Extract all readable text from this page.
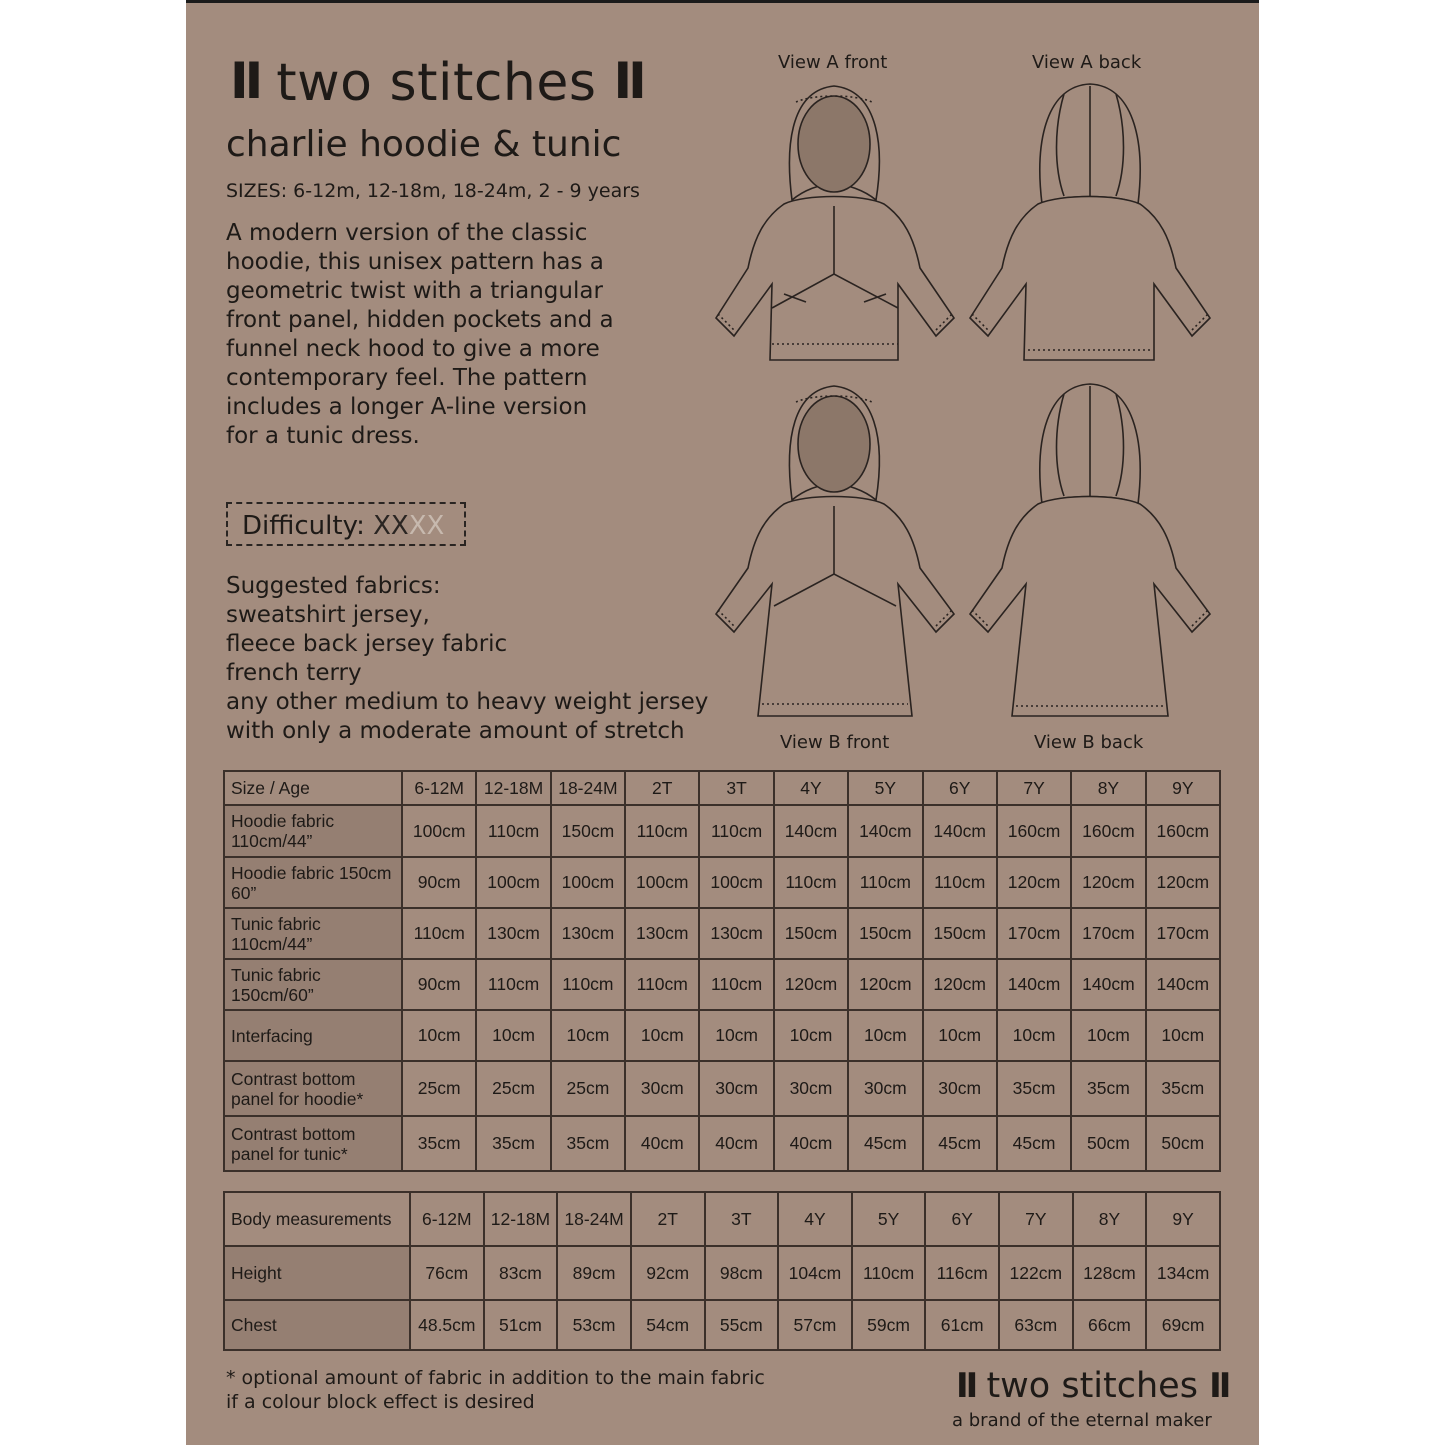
II two stitches II
charlie hoodie & tunic
SIZES: 6-12m, 12-18m, 18-24m, 2 - 9 years
A modern version of the classic hoodie, this unisex pattern has a geometric twist with a triangular front panel, hidden pockets and a funnel neck hood to give a more contemporary feel. The pattern includes a longer A-line version for a tunic dress.
Difficulty: XXXX
Suggested fabrics:
sweatshirt jersey,
fleece back jersey fabric
french terry
any other medium to heavy weight jersey
with only a moderate amount of stretch
View A front	View A back
View B front	View B back
Size / Age	6-12M	12-18M	18-24M	2T	3T	4Y	5Y	6Y	7Y	8Y	9Y
Hoodie fabric 110cm/44”	100cm	110cm	150cm	110cm	110cm	140cm	140cm	140cm	160cm	160cm	160cm
Hoodie fabric 150cm 60”	90cm	100cm	100cm	100cm	100cm	110cm	110cm	110cm	120cm	120cm	120cm
Tunic fabric 110cm/44”	110cm	130cm	130cm	130cm	130cm	150cm	150cm	150cm	170cm	170cm	170cm
Tunic fabric 150cm/60”	90cm	110cm	110cm	110cm	110cm	120cm	120cm	120cm	140cm	140cm	140cm
Interfacing	10cm	10cm	10cm	10cm	10cm	10cm	10cm	10cm	10cm	10cm	10cm
Contrast bottom panel for hoodie*	25cm	25cm	25cm	30cm	30cm	30cm	30cm	30cm	35cm	35cm	35cm
Contrast bottom panel for tunic*	35cm	35cm	35cm	40cm	40cm	40cm	45cm	45cm	45cm	50cm	50cm
Body measurements	6-12M	12-18M	18-24M	2T	3T	4Y	5Y	6Y	7Y	8Y	9Y
Height	76cm	83cm	89cm	92cm	98cm	104cm	110cm	116cm	122cm	128cm	134cm
Chest	48.5cm	51cm	53cm	54cm	55cm	57cm	59cm	61cm	63cm	66cm	69cm
* optional amount of fabric in addition to the main fabric
if a colour block effect is desired	II two stitches II
a brand of the eternal maker
